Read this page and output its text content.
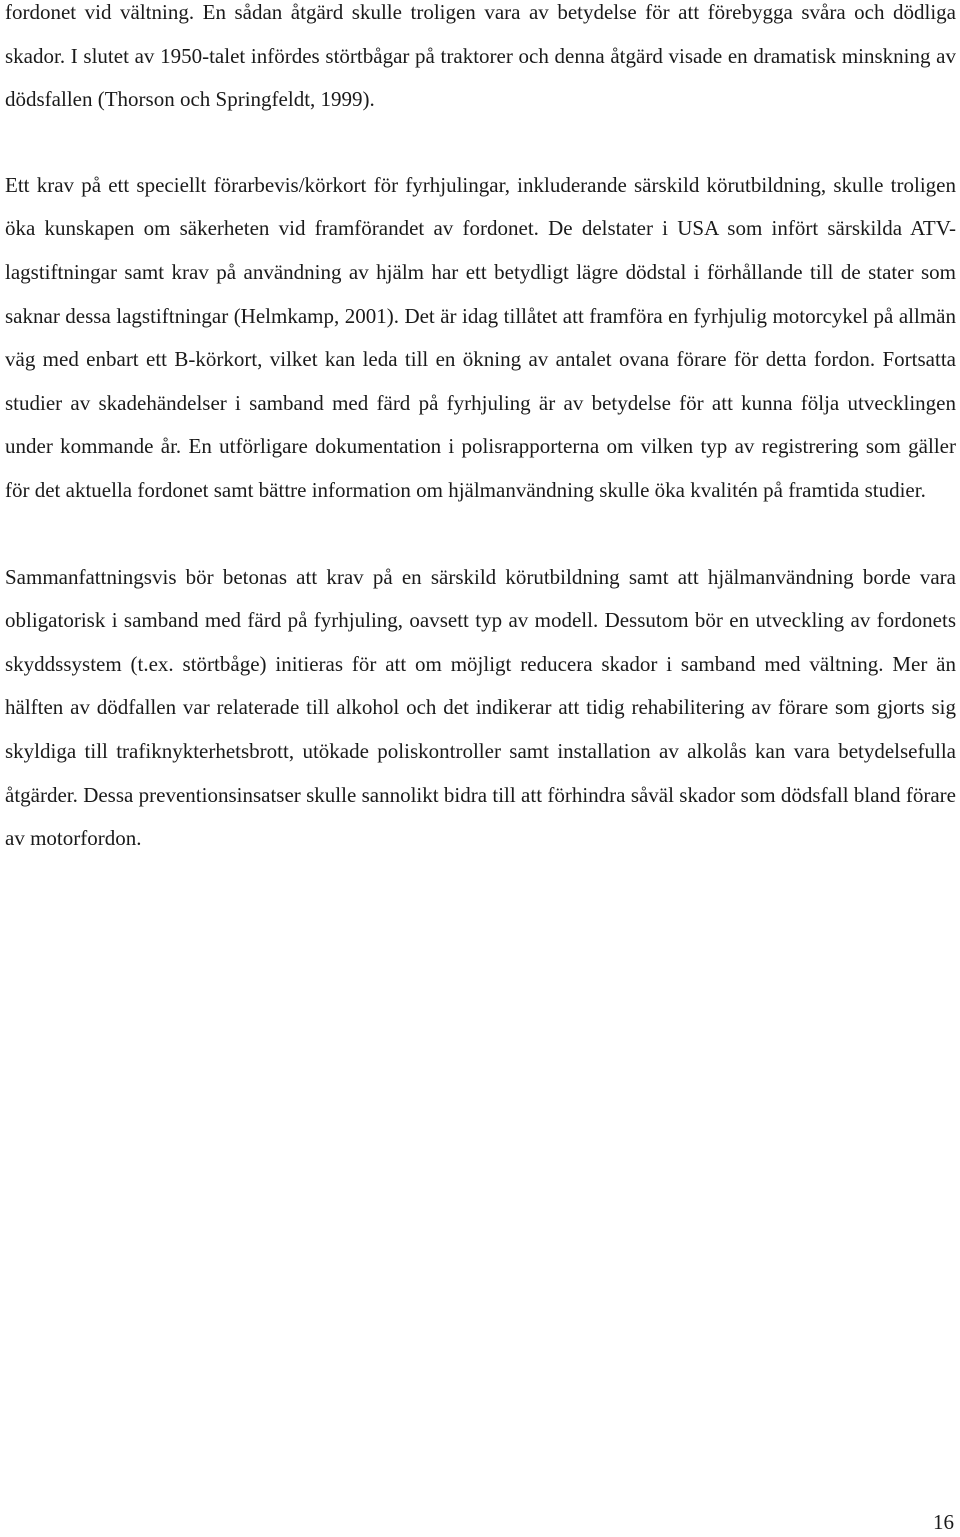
fordonet vid vältning. En sådan åtgärd skulle troligen vara av betydelse för att förebygga svåra och dödliga skador. I slutet av 1950-talet infördes störtbågar på traktorer och denna åtgärd visade en dramatisk minskning av dödsfallen (Thorson och Springfeldt, 1999).

Ett krav på ett speciellt förarbevis/körkort för fyrhjulingar, inkluderande särskild körutbildning, skulle troligen öka kunskapen om säkerheten vid framförandet av fordonet. De delstater i USA som infört särskilda ATV-lagstiftningar samt krav på användning av hjälm har ett betydligt lägre dödstal i förhållande till de stater som saknar dessa lagstiftningar (Helmkamp, 2001). Det är idag tillåtet att framföra en fyrhjulig motorcykel på allmän väg med enbart ett B-körkort, vilket kan leda till en ökning av antalet ovana förare för detta fordon. Fortsatta studier av skadehändelser i samband med färd på fyrhjuling är av betydelse för att kunna följa utvecklingen under kommande år. En utförligare dokumentation i polisrapporterna om vilken typ av registrering som gäller för det aktuella fordonet samt bättre information om hjälmanvändning skulle öka kvalitén på framtida studier.

Sammanfattningsvis bör betonas att krav på en särskild körutbildning samt att hjälmanvändning borde vara obligatorisk i samband med färd på fyrhjuling, oavsett typ av modell. Dessutom bör en utveckling av fordonets skyddssystem (t.ex. störtbåge) initieras för att om möjligt reducera skador i samband med vältning. Mer än hälften av dödfallen var relaterade till alkohol och det indikerar att tidig rehabilitering av förare som gjorts sig skyldiga till trafiknykterhetsbrott, utökade poliskontroller samt installation av alkolås kan vara betydelsefulla åtgärder. Dessa preventionsinsatser skulle sannolikt bidra till att förhindra såväl skador som dödsfall bland förare av motorfordon.

16
